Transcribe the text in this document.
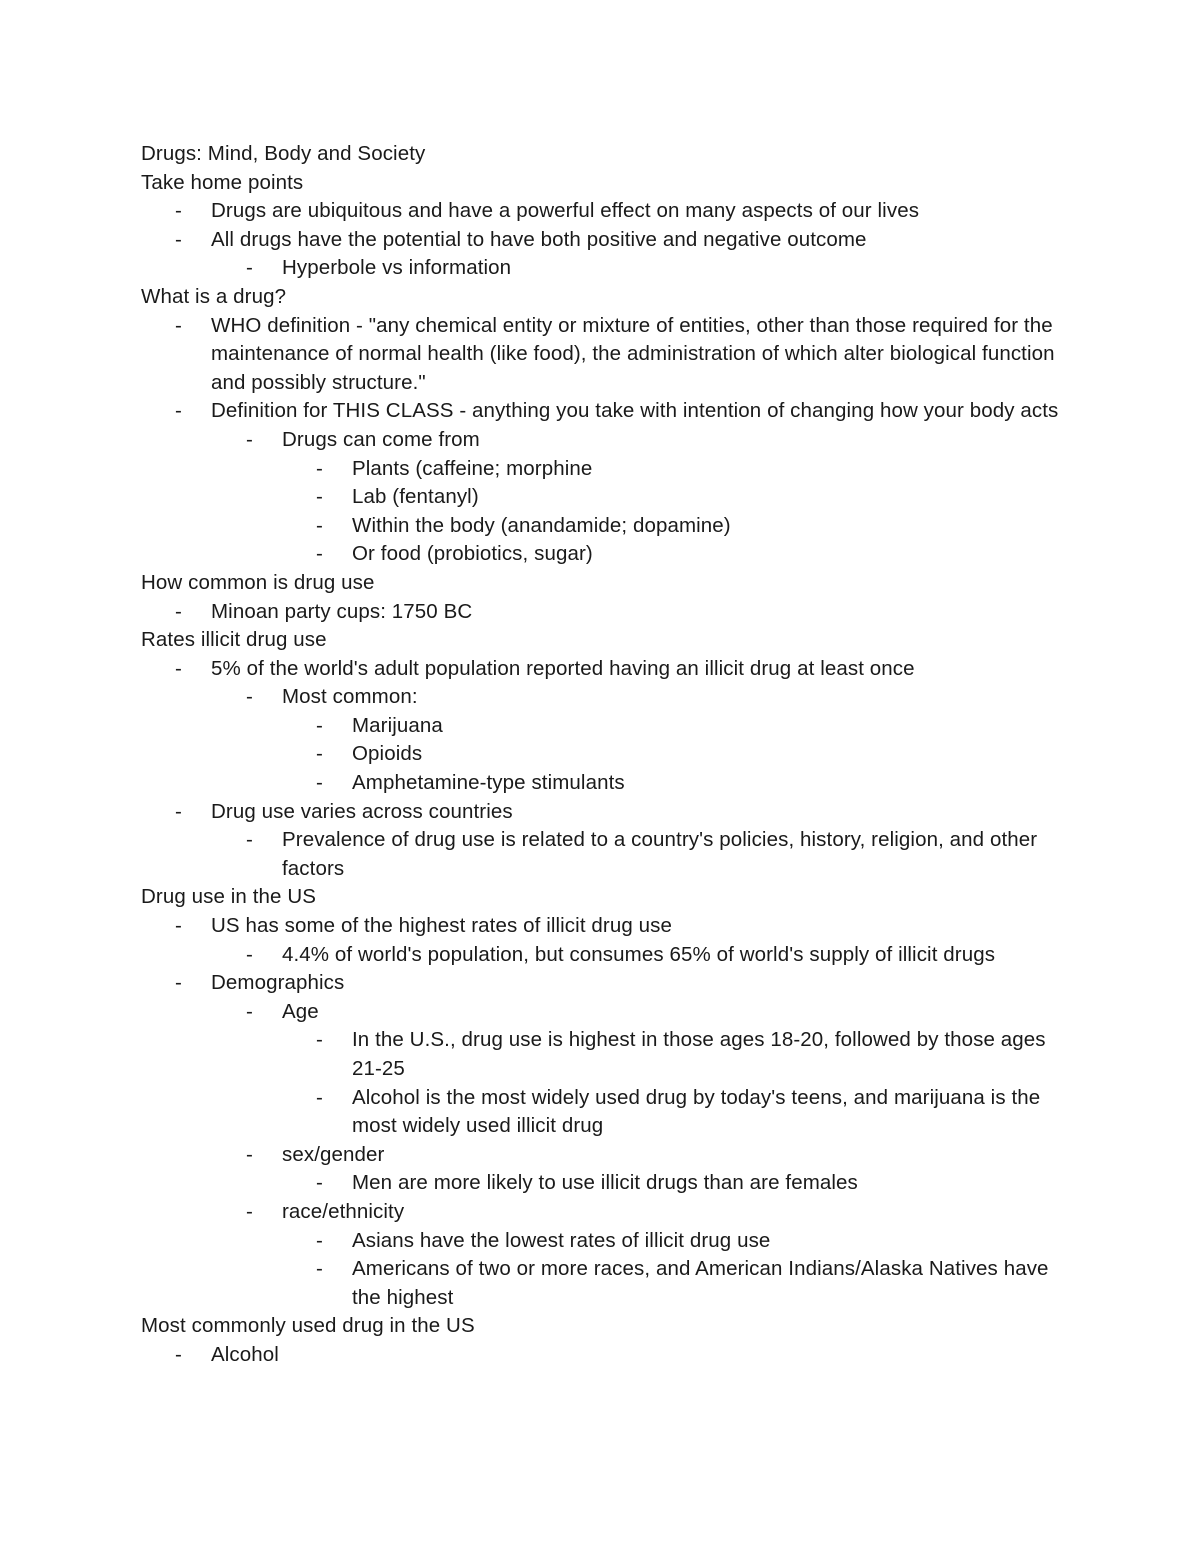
Drugs: Mind, Body and Society
Take home points
- Drugs are ubiquitous and have a powerful effect on many aspects of our lives
- All drugs have the potential to have both positive and negative outcome
- Hyperbole vs information
What is a drug?
- WHO definition - "any chemical entity or mixture of entities, other than those required for the maintenance of normal health (like food), the administration of which alter biological function and possibly structure."
- Definition for THIS CLASS - anything you take with intention of changing how your body acts
- Drugs can come from
- Plants (caffeine; morphine
- Lab (fentanyl)
- Within the body (anandamide; dopamine)
- Or food (probiotics, sugar)
How common is drug use
- Minoan party cups: 1750 BC
Rates illicit drug use
- 5% of the world's adult population reported having an illicit drug at least once
- Most common:
- Marijuana
- Opioids
- Amphetamine-type stimulants
- Drug use varies across countries
- Prevalence of drug use is related to a country's policies, history, religion, and other factors
Drug use in the US
- US has some of the highest rates of illicit drug use
- 4.4% of world's population, but consumes 65% of world's supply of illicit drugs
- Demographics
- Age
- In the U.S., drug use is highest in those ages 18-20, followed by those ages 21-25
- Alcohol is the most widely used drug by today's teens, and marijuana is the most widely used illicit drug
- sex/gender
- Men are more likely to use illicit drugs than are females
- race/ethnicity
- Asians have the lowest rates of illicit drug use
- Americans of two or more races, and American Indians/Alaska Natives have the highest
Most commonly used drug in the US
- Alcohol
